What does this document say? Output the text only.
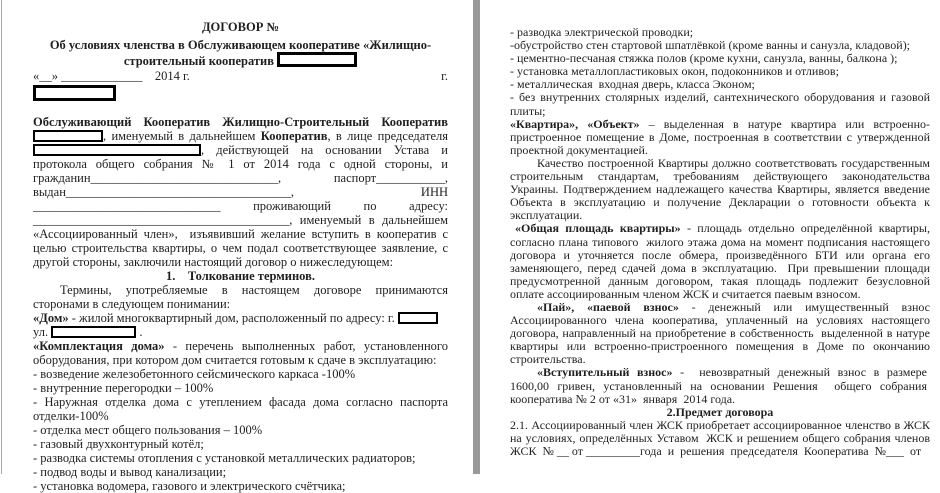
ДОГОВОР №

Об условиях членства в Обслуживающем кооперативе «Жилищно-

строительный кооператив

«__» _____________    2014 г.	г.

Обслуживающий Кооператив Жилищно-Строительный Кооператив , именуемый в дальнейшем Кооператив, в лице председателя , действующей на основании Устава и протокола общего собрания № 1 от 2014 года с одной стороны, и гражданин______________________________, паспорт___________, выдан____________________________________, ИНН ______________________________ проживающий по адресу: _________________________________________, именуемый в дальнейшем «Ассоциированный член»,  изъявивший желание вступить в кооператив с целью строительства квартиры, о чем подал соответствующее заявление, с другой стороны, заключили настоящий договор о нижеследующем:

1.    Толкование терминов.

Термины, употребляемые в настоящем договоре принимаются сторонами в следующем понимании:

«Дом» - жилой многоквартирный дом, расположенный по адресу: г.
ул.	.

«Комплектация дома» - перечень выполненных работ, установленного оборудования, при котором дом считается готовым к сдаче в эксплуатацию:

- возведение железобетонного сейсмического каркаса -100%

- внутренние перегородки – 100%

- Наружная отделка дома с утеплением фасада дома согласно паспорта отделки-100%

- отделка мест общего пользования – 100%

- газовый двухконтурный котёл;

- разводка системы отопления с установкой металлических радиаторов;

- подвод воды и вывод канализации;

- установка водомера, газового и электрического счётчика;

- разводка электрической проводки;

-обустройство стен стартовой шпатлёвкой (кроме ванны и санузла, кладовой);

- цементно-песчаная стяжка полов (кроме кухни, санузла, ванны, балкона );

- установка металлопластиковых окон, подоконников и отливов;

- металлическая  входная дверь, класса Эконом;

- без внутренних столярных изделий, сантехнического оборудования и газовой плиты;

«Квартира», «Объект» – выделенная в натуре квартира или встроенно-пристроенное помещение в Доме, построенная в соответствии с утвержденной проектной документацией.

Качество построенной Квартиры должно соответствовать государственным строительным стандартам, требованиям действующего законодательства Украины. Подтверждением надлежащего качества Квартиры, является введение Объекта в эксплуатацию и получение Декларации о готовности объекта к эксплуатации.

«Общая площадь квартиры» - площадь отдельно определённой квартиры, согласно плана типового  жилого этажа дома на момент подписания настоящего договора и уточняется после обмера, произведённого БТИ или органа его заменяющего, перед сдачей дома в эксплуатацию.  При превышении площади предусмотренной данным договором, такая площадь подлежит безусловной оплате ассоциированным членом ЖСК и считается паевым взносом.

«Пай», «паевой взнос» - денежный или имущественный взнос Ассоциированного члена кооператива, уплаченный на условиях настоящего договора, направленный на приобретение в собственность  выделенной в натуре квартиры или встроенно-пристроенного помещения в Доме по окончанию строительства.

«Вступительный взнос» -  невозвратный денежный взнос в размере  1600,00 гривен, установленный на основании Решения  общего собрания  кооператива № 2 от «31»  января  2014 года.

2.Предмет договора

2.1. Ассоциированный член ЖСК приобретает ассоциированное членство в ЖСК на условиях, определённых Уставом  ЖСК и решением общего собрания членов ЖСК  № __ от _________года  и  решения  председателя  Кооператива  №___  от
